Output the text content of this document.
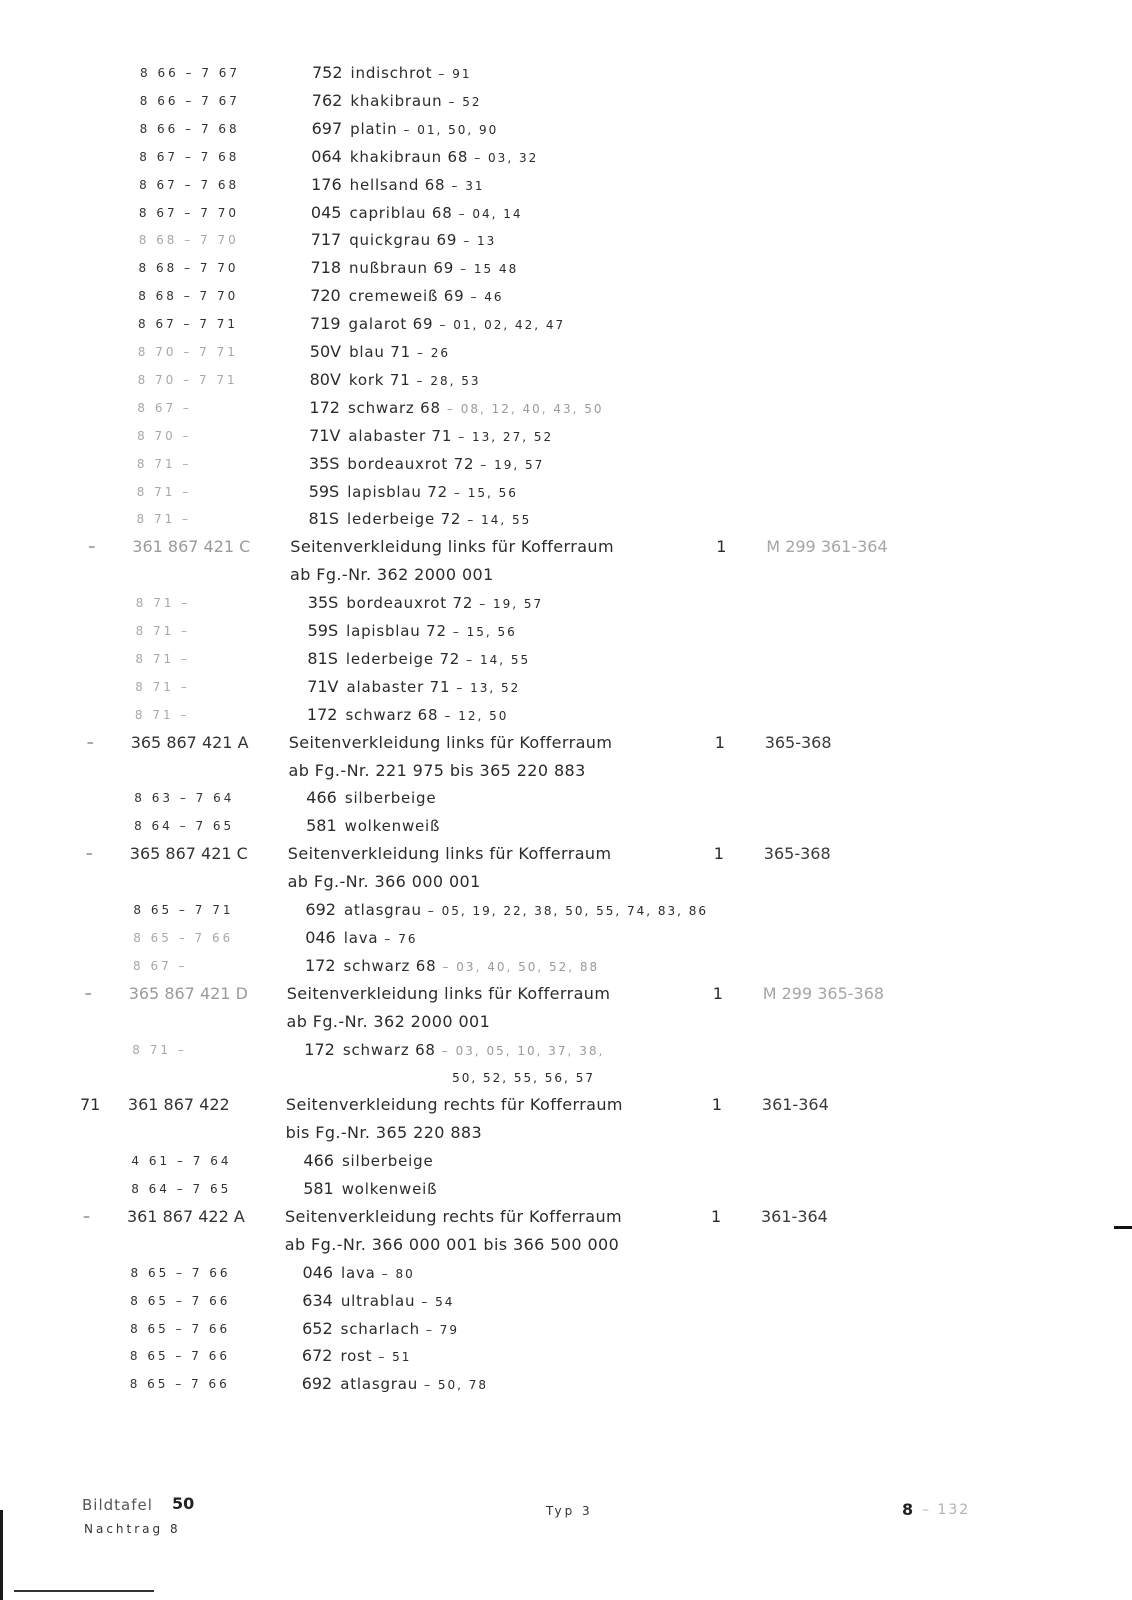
8 66 – 7 67	752 indischrot – 91
8 66 – 7 67	762 khakibraun – 52
8 66 – 7 68	697 platin – 01, 50, 90
8 67 – 7 68	064 khakibraun 68 – 03, 32
8 67 – 7 68	176 hellsand 68 – 31
8 67 – 7 70	045 capriblau 68 – 04, 14
8 68 – 7 70	717 quickgrau 69 – 13
8 68 – 7 70	718 nußbraun 69 – 15 48
8 68 – 7 70	720 cremeweiß 69 – 46
8 67 – 7 71	719 galarot 69 – 01, 02, 42, 47
8 70 – 7 71	50V blau 71 – 26
8 70 – 7 71	80V kork 71 – 28, 53
8 67 –	172 schwarz 68 – 08, 12, 40, 43, 50
8 70 –	71V alabaster 71 – 13, 27, 52
8 71 –	35S bordeauxrot 72 – 19, 57
8 71 –	59S lapisblau 72 – 15, 56
8 71 –	81S lederbeige 72 – 14, 55
– 361 867 421 C Seitenverkleidung links für Kofferraum	1 M 299 361-364
ab Fg.-Nr. 362 2000 001
8 71 –	35S bordeauxrot 72 – 19, 57
8 71 –	59S lapisblau 72 – 15, 56
8 71 –	81S lederbeige 72 – 14, 55
8 71 –	71V alabaster 71 – 13, 52
8 71 –	172 schwarz 68 – 12, 50
– 365 867 421 A	Seitenverkleidung links für Kofferraum	1 365-368
ab Fg.-Nr. 221 975 bis 365 220 883
8 63 – 7 64	466 silberbeige
8 64 – 7 65	581 wolkenweiß
– 365 867 421 C Seitenverkleidung links für Kofferraum	1 365-368
ab Fg.-Nr. 366 000 001
8 65 – 7 71	692 atlasgrau – 05, 19, 22, 38, 50, 55, 74, 83, 86
8 65 – 7 66	046 lava – 76
8 67 –	172 schwarz 68 – 03, 40, 50, 52, 88
– 365 867 421 D Seitenverkleidung links für Kofferraum	1 M 299 365-368
ab Fg.-Nr. 362 2000 001
8 71 –	172 schwarz 68 – 03, 05, 10, 37, 38,
50, 52, 55, 56, 57
71 361 867 422	Seitenverkleidung rechts für Kofferraum	1 361-364
bis Fg.-Nr. 365 220 883
4 61 – 7 64	466 silberbeige
8 64 – 7 65	581 wolkenweiß
– 361 867 422 A	Seitenverkleidung rechts für Kofferraum	1 361-364
ab Fg.-Nr. 366 000 001 bis 366 500 000
8 65 – 7 66	046 lava – 80
8 65 – 7 66	634 ultrablau – 54
8 65 – 7 66	652 scharlach – 79
8 65 – 7 66	672 rost – 51
8 65 – 7 66	692 atlasgrau – 50, 78
Bildtafel 50
Nachtrag 8
Typ 3	8 – 132
